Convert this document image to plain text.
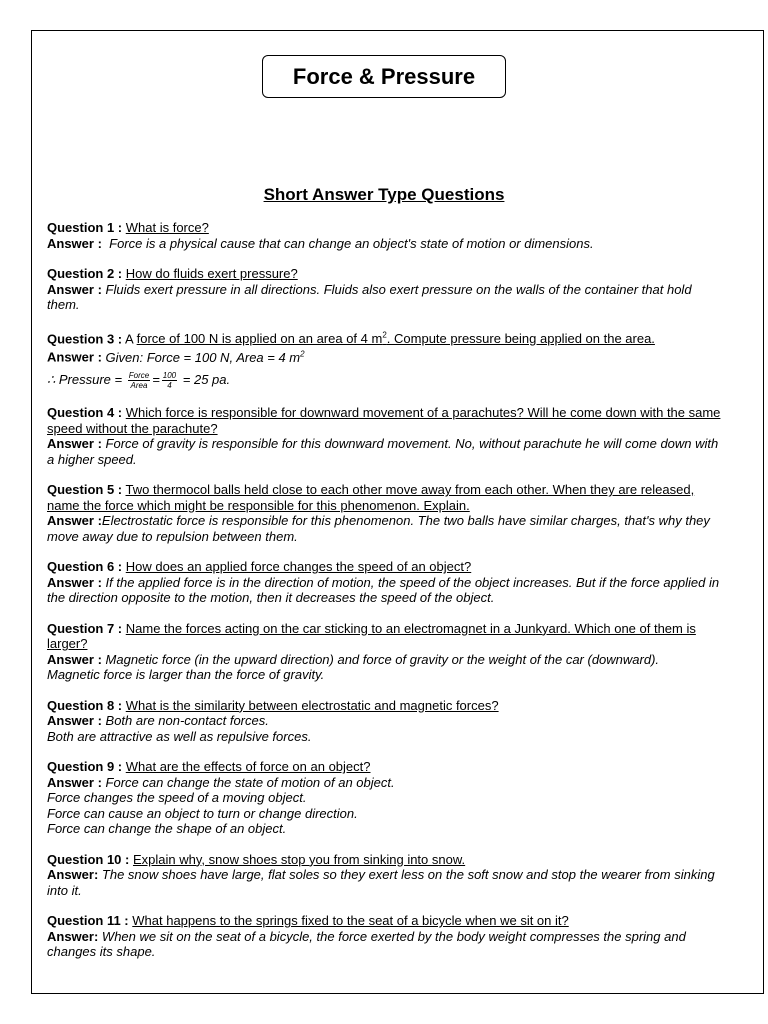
Force & Pressure
Short Answer Type Questions
Question 1 : What is force?
Answer : Force is a physical cause that can change an object's state of motion or dimensions.
Question 2 : How do fluids exert pressure?
Answer : Fluids exert pressure in all directions. Fluids also exert pressure on the walls of the container that hold them.
Question 3 : A force of 100 N is applied on an area of 4 $m^2$. Compute pressure being applied on the area.
Answer : Given: Force = 100 N, Area = 4 $m^2$
∴ Pressure = $\frac{\text{Force}}{\text{Area}} = \frac{100}{4} = 25$ pa.
Question 4 : Which force is responsible for downward movement of a parachutes? Will he come down with the same speed without the parachute?
Answer : Force of gravity is responsible for this downward movement. No, without parachute he will come down with a higher speed.
Question 5 : Two thermocol balls held close to each other move away from each other. When they are released, name the force which might be responsible for this phenomenon. Explain.
Answer :Electrostatic force is responsible for this phenomenon. The two balls have similar charges, that's why they move away due to repulsion between them.
Question 6 : How does an applied force changes the speed of an object?
Answer : If the applied force is in the direction of motion, the speed of the object increases. But if the force applied in the direction opposite to the motion, then it decreases the speed of the object.
Question 7 : Name the forces acting on the car sticking to an electromagnet in a Junkyard. Which one of them is larger?
Answer : Magnetic force (in the upward direction) and force of gravity or the weight of the car (downward).
Magnetic force is larger than the force of gravity.
Question 8 : What is the similarity between electrostatic and magnetic forces?
Answer : Both are non-contact forces.
Both are attractive as well as repulsive forces.
Question 9 : What are the effects of force on an object?
Answer : Force can change the state of motion of an object.
Force changes the speed of a moving object.
Force can cause an object to turn or change direction.
Force can change the shape of an object.
Question 10 : Explain why, snow shoes stop you from sinking into snow.
Answer: The snow shoes have large, flat soles so they exert less on the soft snow and stop the wearer from sinking into it.
Question 11 : What happens to the springs fixed to the seat of a bicycle when we sit on it?
Answer: When we sit on the seat of a bicycle, the force exerted by the body weight compresses the spring and changes its shape.
